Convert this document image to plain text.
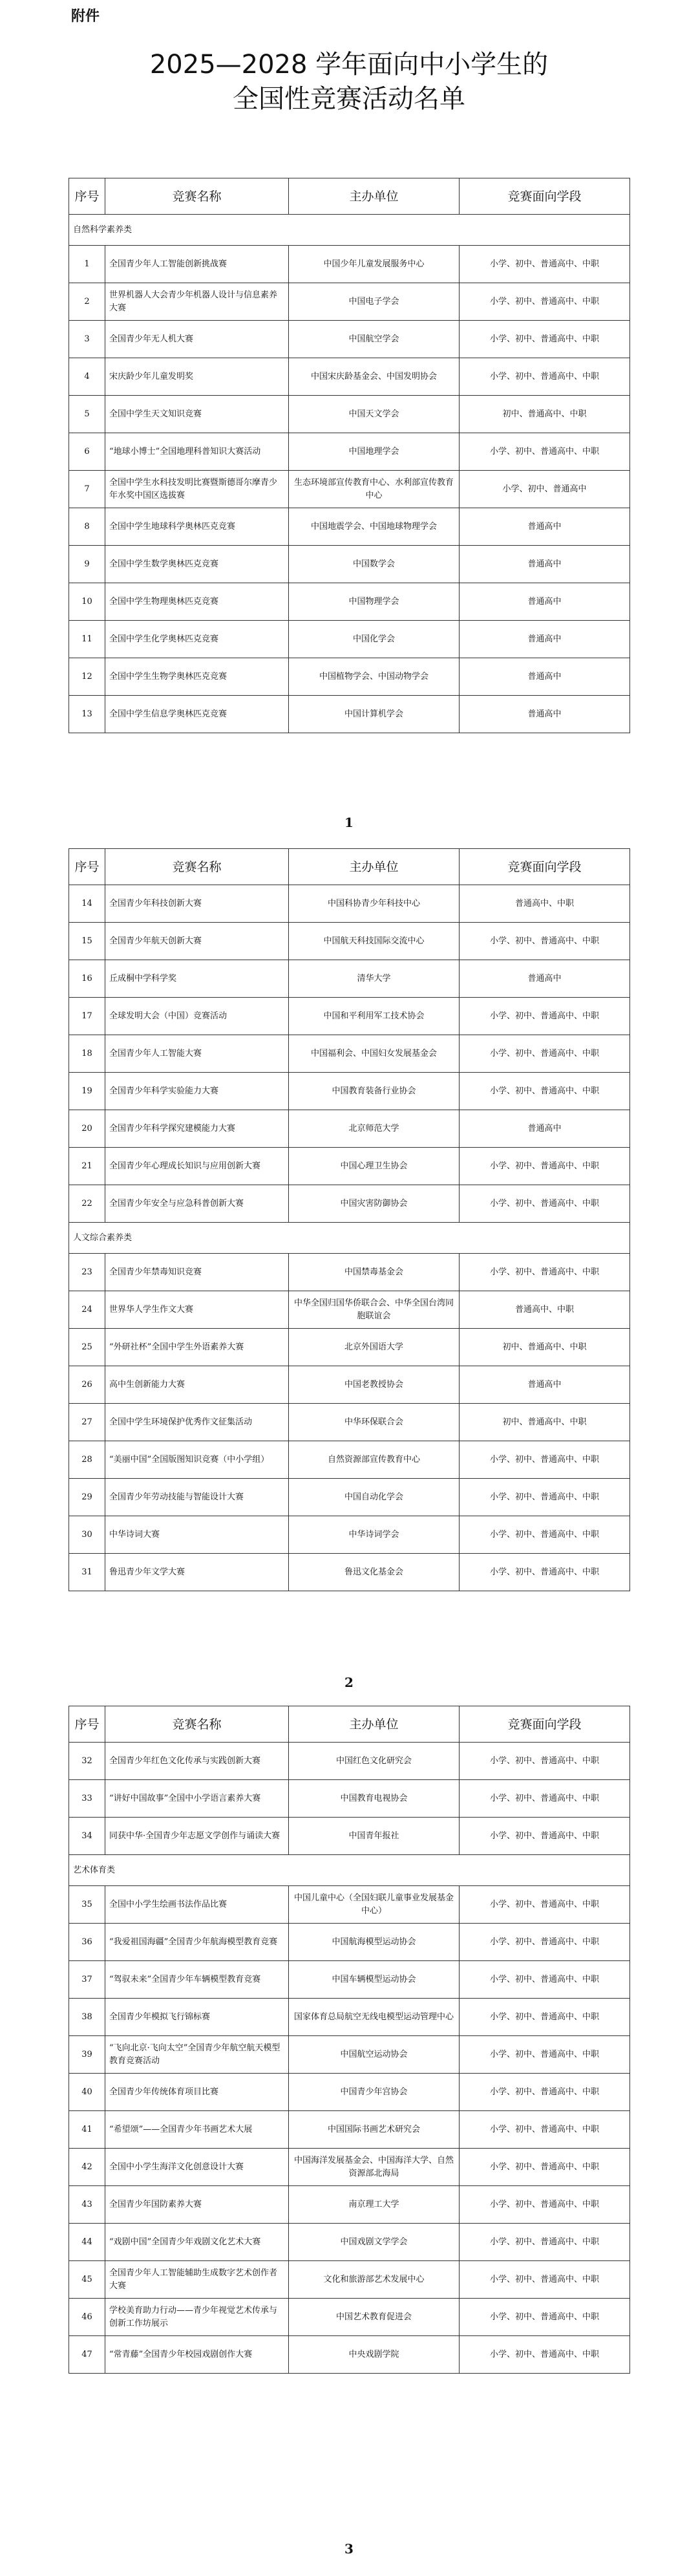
附件
2025—2028 学年面向中小学生的
全国性竞赛活动名单
序号	竞赛名称	主办单位	竞赛面向学段
自然科学素养类			
1	全国青少年人工智能创新挑战赛	中国少年儿童发展服务中心	小学、初中、普通高中、中职
2	世界机器人大会青少年机器人设计与信息素养大赛	中国电子学会	小学、初中、普通高中、中职
3	全国青少年无人机大赛	中国航空学会	小学、初中、普通高中、中职
4	宋庆龄少年儿童发明奖	中国宋庆龄基金会、中国发明协会	小学、初中、普通高中、中职
5	全国中学生天文知识竞赛	中国天文学会	初中、普通高中、中职
6	“地球小博士”全国地理科普知识大赛活动	中国地理学会	小学、初中、普通高中、中职
7	全国中学生水科技发明比赛暨斯德哥尔摩青少年水奖中国区选拔赛	生态环境部宣传教育中心、水利部宣传教育中心	小学、初中、普通高中
8	全国中学生地球科学奥林匹克竞赛	中国地震学会、中国地球物理学会	普通高中
9	全国中学生数学奥林匹克竞赛	中国数学会	普通高中
10	全国中学生物理奥林匹克竞赛	中国物理学会	普通高中
11	全国中学生化学奥林匹克竞赛	中国化学会	普通高中
12	全国中学生生物学奥林匹克竞赛	中国植物学会、中国动物学会	普通高中
13	全国中学生信息学奥林匹克竞赛	中国计算机学会	普通高中
1
序号	竞赛名称	主办单位	竞赛面向学段
14	全国青少年科技创新大赛	中国科协青少年科技中心	普通高中、中职
15	全国青少年航天创新大赛	中国航天科技国际交流中心	小学、初中、普通高中、中职
16	丘成桐中学科学奖	清华大学	普通高中
17	全球发明大会（中国）竞赛活动	中国和平利用军工技术协会	小学、初中、普通高中、中职
18	全国青少年人工智能大赛	中国福利会、中国妇女发展基金会	小学、初中、普通高中、中职
19	全国青少年科学实验能力大赛	中国教育装备行业协会	小学、初中、普通高中、中职
20	全国青少年科学探究建模能力大赛	北京师范大学	普通高中
21	全国青少年心理成长知识与应用创新大赛	中国心理卫生协会	小学、初中、普通高中、中职
22	全国青少年安全与应急科普创新大赛	中国灾害防御协会	小学、初中、普通高中、中职
人文综合素养类			
23	全国青少年禁毒知识竞赛	中国禁毒基金会	小学、初中、普通高中、中职
24	世界华人学生作文大赛	中华全国归国华侨联合会、中华全国台湾同胞联谊会	普通高中、中职
25	“外研社杯”全国中学生外语素养大赛	北京外国语大学	初中、普通高中、中职
26	高中生创新能力大赛	中国老教授协会	普通高中
27	全国中学生环境保护优秀作文征集活动	中华环保联合会	初中、普通高中、中职
28	“美丽中国”全国版图知识竞赛（中小学组）	自然资源部宣传教育中心	小学、初中、普通高中、中职
29	全国青少年劳动技能与智能设计大赛	中国自动化学会	小学、初中、普通高中、中职
30	中华诗词大赛	中华诗词学会	小学、初中、普通高中、中职
31	鲁迅青少年文学大赛	鲁迅文化基金会	小学、初中、普通高中、中职
2
序号	竞赛名称	主办单位	竞赛面向学段
32	全国青少年红色文化传承与实践创新大赛	中国红色文化研究会	小学、初中、普通高中、中职
33	“讲好中国故事”全国中小学语言素养大赛	中国教育电视协会	小学、初中、普通高中、中职
34	同获中华·全国青少年志愿文学创作与诵读大赛	中国青年报社	小学、初中、普通高中、中职
艺术体育类			
35	全国中小学生绘画书法作品比赛	中国儿童中心（全国妇联儿童事业发展基金中心）	小学、初中、普通高中、中职
36	“我爱祖国海疆”全国青少年航海模型教育竞赛	中国航海模型运动协会	小学、初中、普通高中、中职
37	“驾驭未来”全国青少年车辆模型教育竞赛	中国车辆模型运动协会	小学、初中、普通高中、中职
38	全国青少年模拟飞行锦标赛	国家体育总局航空无线电模型运动管理中心	小学、初中、普通高中、中职
39	“飞向北京·飞向太空”全国青少年航空航天模型教育竞赛活动	中国航空运动协会	小学、初中、普通高中、中职
40	全国青少年传统体育项目比赛	中国青少年宫协会	小学、初中、普通高中、中职
41	“希望颂”——全国青少年书画艺术大展	中国国际书画艺术研究会	小学、初中、普通高中、中职
42	全国中小学生海洋文化创意设计大赛	中国海洋发展基金会、中国海洋大学、自然资源部北海局	小学、初中、普通高中、中职
43	全国青少年国防素养大赛	南京理工大学	小学、初中、普通高中、中职
44	“戏剧中国”全国青少年戏剧文化艺术大赛	中国戏剧文学学会	小学、初中、普通高中、中职
45	全国青少年人工智能辅助生成数字艺术创作者大赛	文化和旅游部艺术发展中心	小学、初中、普通高中、中职
46	学校美育助力行动——青少年视觉艺术传承与创新工作坊展示	中国艺术教育促进会	小学、初中、普通高中、中职
47	“常青藤”全国青少年校园戏剧创作大赛	中央戏剧学院	小学、初中、普通高中、中职
3
